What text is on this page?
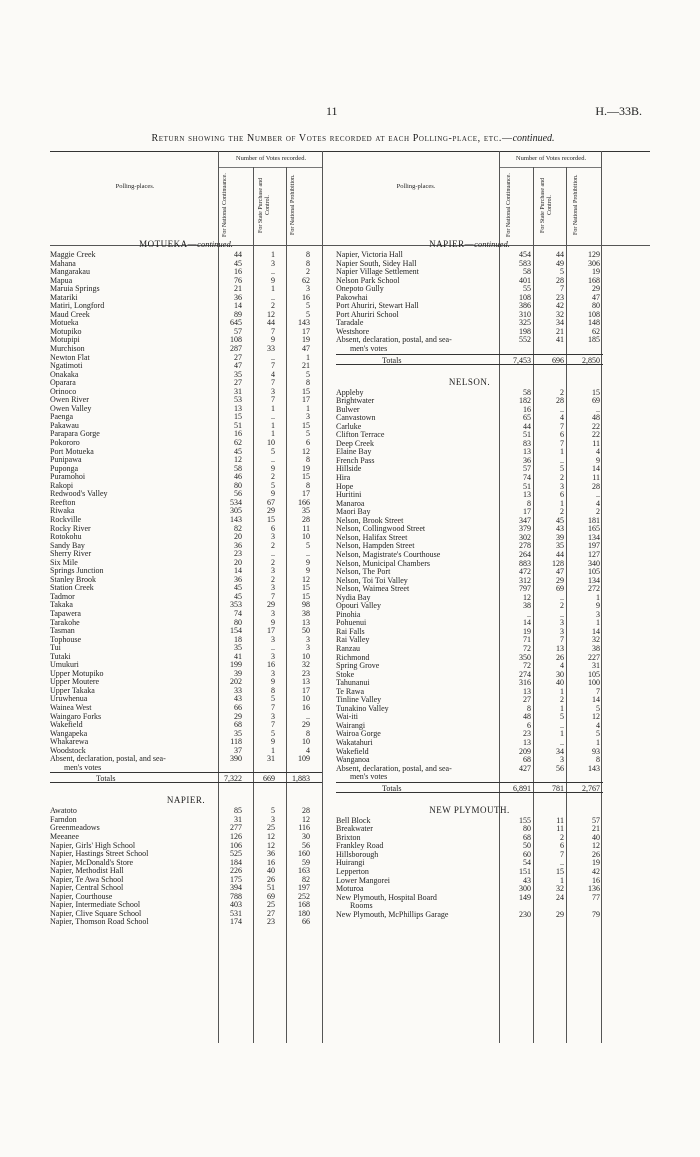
11	H.—33B.
Return showing the Number of Votes recorded at each Polling-place, etc.—continued.
Polling-places.
Number of Votes recorded.
For National Continuance.	For State Purchase and Control.	For National Prohibition.	Polling-places.
Number of Votes recorded.
For National Continuance.	For State Purchase and Control.	For National Prohibition.
MOTUEKA—continued.
Maggie Creek	44	1	8
Mahana	45	3	8
Mangarakau	16	..	2
Mapua	76	9	62
Maruia Springs	21	1	3
Matariki	36	..	16
Matiri, Longford	14	2	5
Maud Creek	89	12	5
Motueka	645	44	143
Motupiko	57	7	17
Motupipi	108	9	19
Murchison	287	33	47
Newton Flat	27	..	1
Ngatimoti	47	7	21
Onakaka	35	4	5
Oparara	27	7	8
Orinoco	31	3	15
Owen River	53	7	17
Owen Valley	13	1	1
Paenga	15	..	3
Pakawau	51	1	15
Parapara Gorge	16	1	5
Pokororo	62	10	6
Port Motueka	45	5	12
Punipawa	12	..	8
Puponga	58	9	19
Puramohoi	46	2	15
Rakopi	80	5	8
Redwood's Valley	56	9	17
Reefton	534	67	166
Riwaka	305	29	35
Rockville	143	15	28
Rocky River	82	6	11
Rotokohu	20	3	10
Sandy Bay	36	2	5
Sherry River	23	..	..
Six Mile	20	2	9
Springs Junction	14	3	9
Stanley Brook	36	2	12
Station Creek	45	3	15
Tadmor	45	7	15
Takaka	353	29	98
Tapawera	74	3	38
Tarakohe	80	9	13
Tasman	154	17	50
Tophouse	18	3	3
Tui	35	..	3
Tutaki	41	3	10
Umukuri	199	16	32
Upper Motupiko	39	3	23
Upper Moutere	202	9	13
Upper Takaka	33	8	17
Uruwhenua	43	5	10
Wainea West	66	7	16
Waingaro Forks	29	3	..
Wakefield	68	7	29
Wangapeka	35	5	8
Whakarewa	118	9	10
Woodstock	37	1	4
Absent, declaration, postal, and sea-	390	31	109
men's votes
Totals	7,322	669	1,883
NAPIER.
Awatoto	85	5	28
Farndon	31	3	12
Greenmeadows	277	25	116
Meeanee	126	12	30
Napier, Girls' High School	106	12	56
Napier, Hastings Street School	525	36	160
Napier, McDonald's Store	184	16	59
Napier, Methodist Hall	226	40	163
Napier, Te Awa School	175	26	82
Napier, Central School	394	51	197
Napier, Courthouse	788	69	252
Napier, Intermediate School	403	25	168
Napier, Clive Square School	531	27	180
Napier, Thomson Road School	174	23	66
NAPIER—continued.
Napier, Victoria Hall	454	44	129
Napier South, Sidey Hall	583	49	306
Napier Village Settlement	58	5	19
Nelson Park School	401	28	168
Onepoto Gully	55	7	29
Pakowhai	108	23	47
Port Ahuriri, Stewart Hall	386	42	80
Port Ahuriri School	310	32	108
Taradale	325	34	148
Westshore	198	21	62
Absent, declaration, postal, and sea-	552	41	185
men's votes
Totals	7,453	696	2,850
NELSON.
Appleby	58	2	15
Brightwater	182	28	69
Bulwer	16	..	..
Canvastown	65	4	48
Carluke	44	7	22
Clifton Terrace	51	6	22
Deep Creek	83	7	11
Elaine Bay	13	1	4
French Pass	36	..	9
Hillside	57	5	14
Hira	74	2	11
Hope	51	3	28
Huritini	13	6	..
Manaroa	8	1	4
Maori Bay	17	2	2
Nelson, Brook Street	347	45	181
Nelson, Collingwood Street	379	43	165
Nelson, Halifax Street	302	39	134
Nelson, Hampden Street	278	35	197
Nelson, Magistrate's Courthouse	264	44	127
Nelson, Municipal Chambers	883	128	340
Nelson, The Port	472	47	105
Nelson, Toi Toi Valley	312	29	134
Nelson, Waimea Street	797	69	272
Nydia Bay	12	..	1
Opouri Valley	38	2	9
Pinohia	..	..	3
Pohuenui	14	3	1
Rai Falls	19	3	14
Rai Valley	71	7	32
Ranzau	72	13	38
Richmond	350	26	227
Spring Grove	72	4	31
Stoke	274	30	105
Tahunanui	316	40	100
Te Rawa	13	1	7
Tinline Valley	27	2	14
Tunakino Valley	8	1	5
Wai-iti	48	5	12
Wairangi	6	..	4
Wairoa Gorge	23	1	5
Wakatahuri	13	..	1
Wakefield	209	34	93
Wanganoa	68	3	8
Absent, declaration, postal, and sea-	427	56	143
men's votes
Totals	6,891	781	2,767
NEW PLYMOUTH.
Bell Block	155	11	57
Breakwater	80	11	21
Brixton	68	2	40
Frankley Road	50	6	12
Hillsborough	60	7	26
Huirangi	54	..	19
Lepperton	151	15	42
Lower Mangorei	43	1	16
Moturoa	300	32	136
New Plymouth, Hospital Board	149	24	77
Rooms
New Plymouth, McPhillips Garage	230	29	79
